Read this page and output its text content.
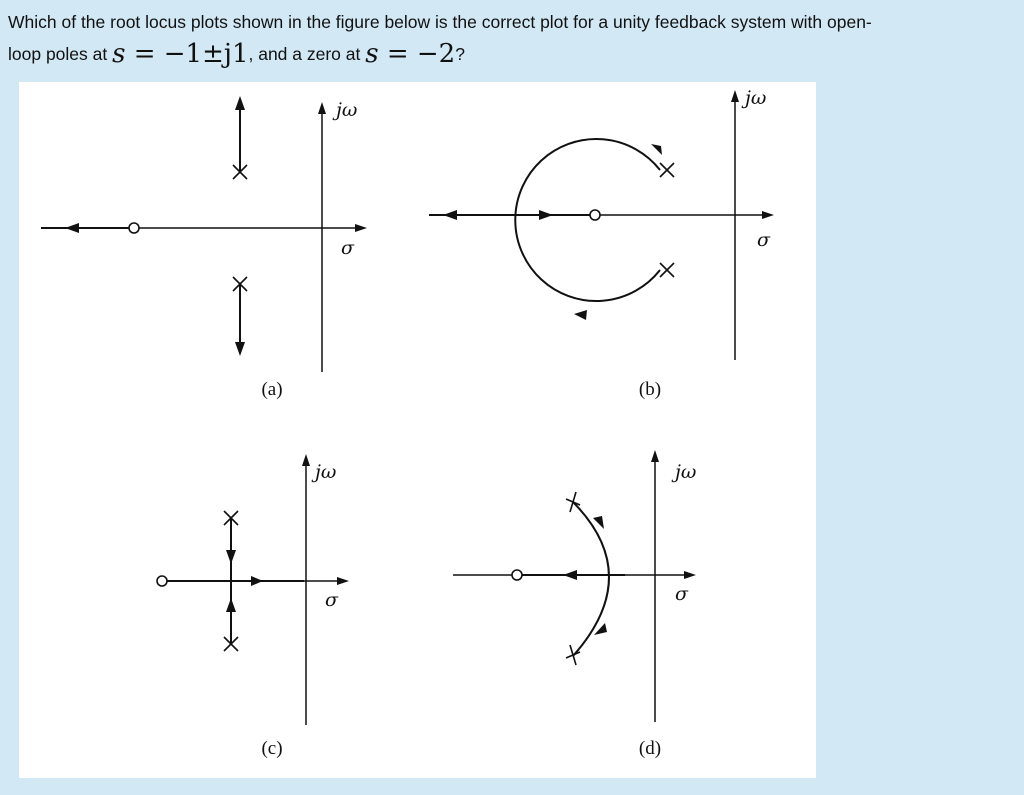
Which of the root locus plots shown in the figure below is the correct plot for a unity feedback system with open-
loop poles at s = −1±j1, and a zero at s = −2?
jω
σ
(a)
jω
σ
(b)
jω
σ
(c)
jω
σ
(d)
